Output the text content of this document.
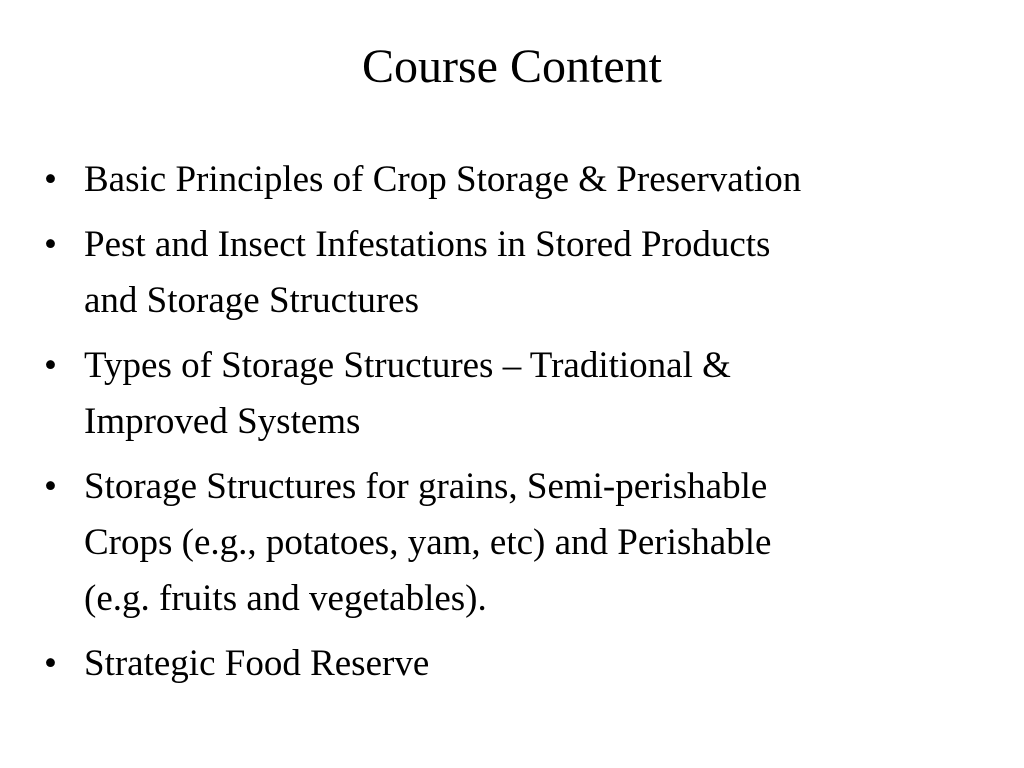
Course Content
• Basic Principles of Crop Storage & Preservation
• Pest and Insect Infestations in Stored Products
and Storage Structures
• Types of Storage Structures – Traditional &
Improved Systems
• Storage Structures for grains, Semi-perishable
Crops (e.g., potatoes, yam, etc) and Perishable
(e.g. fruits and vegetables).
• Strategic Food Reserve
